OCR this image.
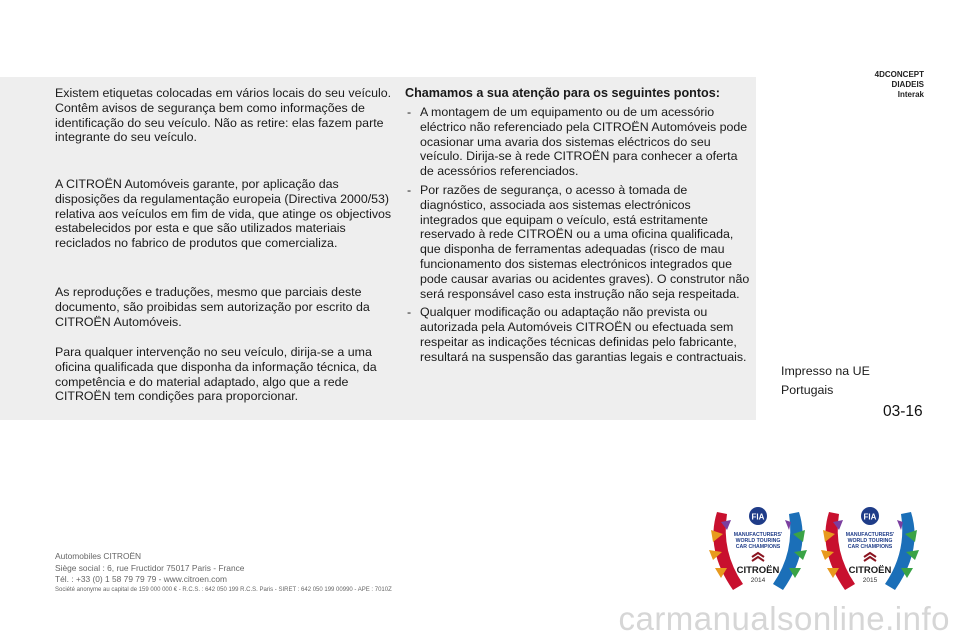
Existem etiquetas colocadas em vários locais do seu veículo. Contêm avisos de segurança bem como informações de identificação do seu veículo. Não as retire: elas fazem parte integrante do seu veículo.

A CITROËN Automóveis garante, por aplicação das disposições da regulamentação europeia (Directiva 2000/53) relativa aos veículos em fim de vida, que atinge os objectivos estabelecidos por esta e que são utilizados materiais reciclados no fabrico de produtos que comercializa.

As reproduções e traduções, mesmo que parciais deste documento, são proibidas sem autorização por escrito da CITROËN Automóveis.

Para qualquer intervenção no seu veículo, dirija-se a uma oficina qualificada que disponha da informação técnica, da competência e do material adaptado, algo que a rede CITROËN tem condições para proporcionar.

Chamamos a sua atenção para os seguintes pontos:

- A montagem de um equipamento ou de um acessório eléctrico não referenciado pela CITROËN Automóveis pode ocasionar uma avaria dos sistemas eléctricos do seu veículo. Dirija-se à rede CITROËN para conhecer a oferta de acessórios referenciados.
- Por razões de segurança, o acesso à tomada de diagnóstico, associada aos sistemas electrónicos integrados que equipam o veículo, está estritamente reservado à rede CITROËN ou a uma oficina qualificada, que disponha de ferramentas adequadas (risco de mau funcionamento dos sistemas electrónicos integrados que pode causar avarias ou acidentes graves). O construtor não será responsável caso esta instrução não seja respeitada.
- Qualquer modificação ou adaptação não prevista ou autorizada pela Automóveis CITROËN ou efectuada sem respeitar as indicações técnicas definidas pelo fabricante, resultará na suspensão das garantias legais e contractuais.
4DCONCEPT
DIADEIS
Interak
Impresso na UE
Portugais
03-16
Automobiles CITROËN
Siège social : 6, rue Fructidor 75017 Paris - France
Tél. : +33 (0) 1 58 79 79 79 - www.citroen.com
Société anonyme au capital de 159 000 000 € - R.C.S. : 642 050 199 R.C.S. Paris - SIRET : 642 050 199 00990 - APE : 7010Z
FIA
MANUFACTURERS'
WORLD TOURING
CAR CHAMPIONS
CITROËN
2014
FIA
MANUFACTURERS'
WORLD TOURING
CAR CHAMPIONS
CITROËN
2015
carmanualsonline.info
